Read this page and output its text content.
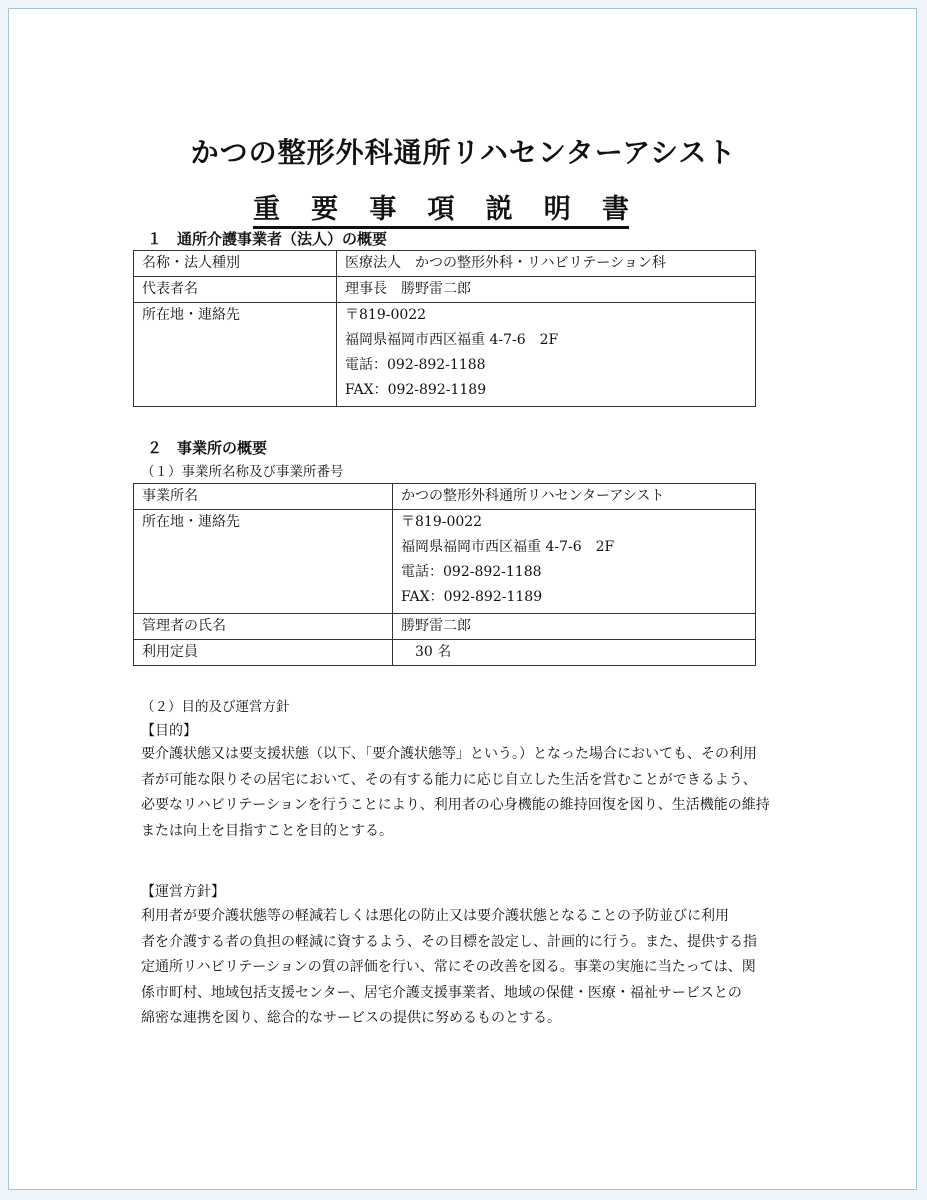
かつの整形外科通所リハセンターアシスト
重 要 事 項 説 明 書
１　通所介護事業者（法人）の概要
名称・法人種別	医療法人　かつの整形外科・リハビリテーション科

代表者名	理事長　勝野雷二郎

所在地・連絡先	〒819-0022
福岡県福岡市西区福重 4-7-6　2F
電話：092-892-1188
FAX：092-892-1189
２　事業所の概要
（１）事業所名称及び事業所番号
事業所名	かつの整形外科通所リハセンターアシスト

所在地・連絡先	〒819-0022
福岡県福岡市西区福重 4-7-6　2F
電話：092-892-1188
FAX：092-892-1189

管理者の氏名	勝野雷二郎

利用定員	　30 名
（２）目的及び運営方針
【目的】
要介護状態又は要支援状態（以下、「要介護状態等」という。）となった場合においても、その利用
者が可能な限りその居宅において、その有する能力に応じ自立した生活を営むことができるよう、
必要なリハビリテーションを行うことにより、利用者の心身機能の維持回復を図り、生活機能の維持
または向上を目指すことを目的とする。
【運営方針】
利用者が要介護状態等の軽減若しくは悪化の防止又は要介護状態となることの予防並びに利用
者を介護する者の負担の軽減に資するよう、その目標を設定し、計画的に行う。また、提供する指
定通所リハビリテーションの質の評価を行い、常にその改善を図る。事業の実施に当たっては、関
係市町村、地域包括支援センター、居宅介護支援事業者、地域の保健・医療・福祉サービスとの
綿密な連携を図り、総合的なサービスの提供に努めるものとする。
